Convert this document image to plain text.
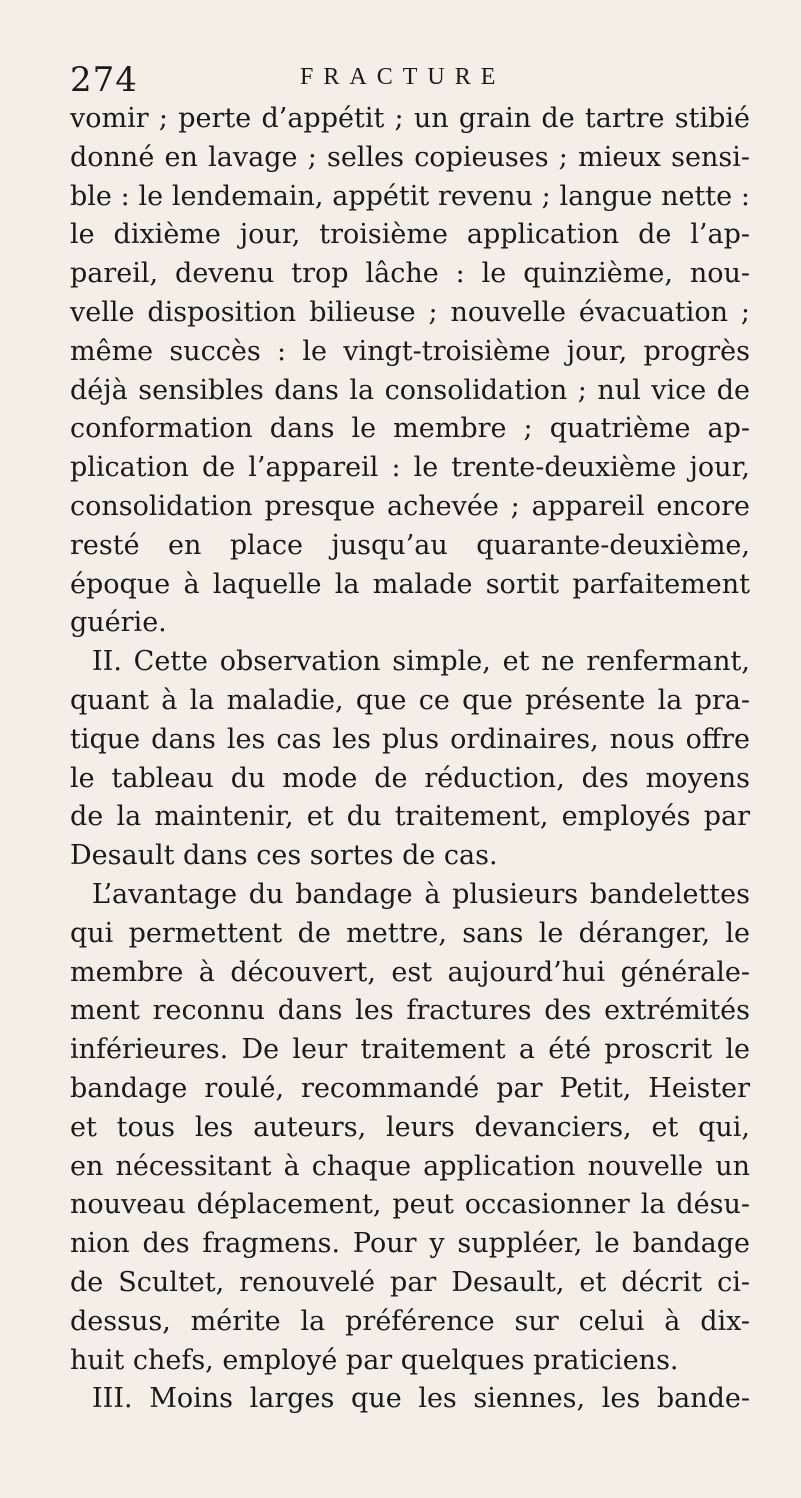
274	FRACTURE
vomir ; perte d’appétit ; un grain de tartre stibié
donné en lavage ; selles copieuses ; mieux sensi-
ble : le lendemain, appétit revenu ; langue nette :
le dixième jour, troisième application de l’ap-
pareil, devenu trop lâche : le quinzième, nou-
velle disposition bilieuse ; nouvelle évacuation ;
même succès : le vingt-troisième jour, progrès
déjà sensibles dans la consolidation ; nul vice de
conformation dans le membre ; quatrième ap-
plication de l’appareil : le trente-deuxième jour,
consolidation presque achevée ; appareil encore
resté en place jusqu’au quarante-deuxième,
époque à laquelle la malade sortit parfaitement
guérie.
II. Cette observation simple, et ne renfermant,
quant à la maladie, que ce que présente la pra-
tique dans les cas les plus ordinaires, nous offre
le tableau du mode de réduction, des moyens
de la maintenir, et du traitement, employés par
Desault dans ces sortes de cas.
L’avantage du bandage à plusieurs bandelettes
qui permettent de mettre, sans le déranger, le
membre à découvert, est aujourd’hui générale-
ment reconnu dans les fractures des extrémités
inférieures. De leur traitement a été proscrit le
bandage roulé, recommandé par Petit, Heister
et tous les auteurs, leurs devanciers, et qui,
en nécessitant à chaque application nouvelle un
nouveau déplacement, peut occasionner la désu-
nion des fragmens. Pour y suppléer, le bandage
de Scultet, renouvelé par Desault, et décrit ci-
dessus, mérite la préférence sur celui à dix-
huit chefs, employé par quelques praticiens.
III. Moins larges que les siennes, les bande-
